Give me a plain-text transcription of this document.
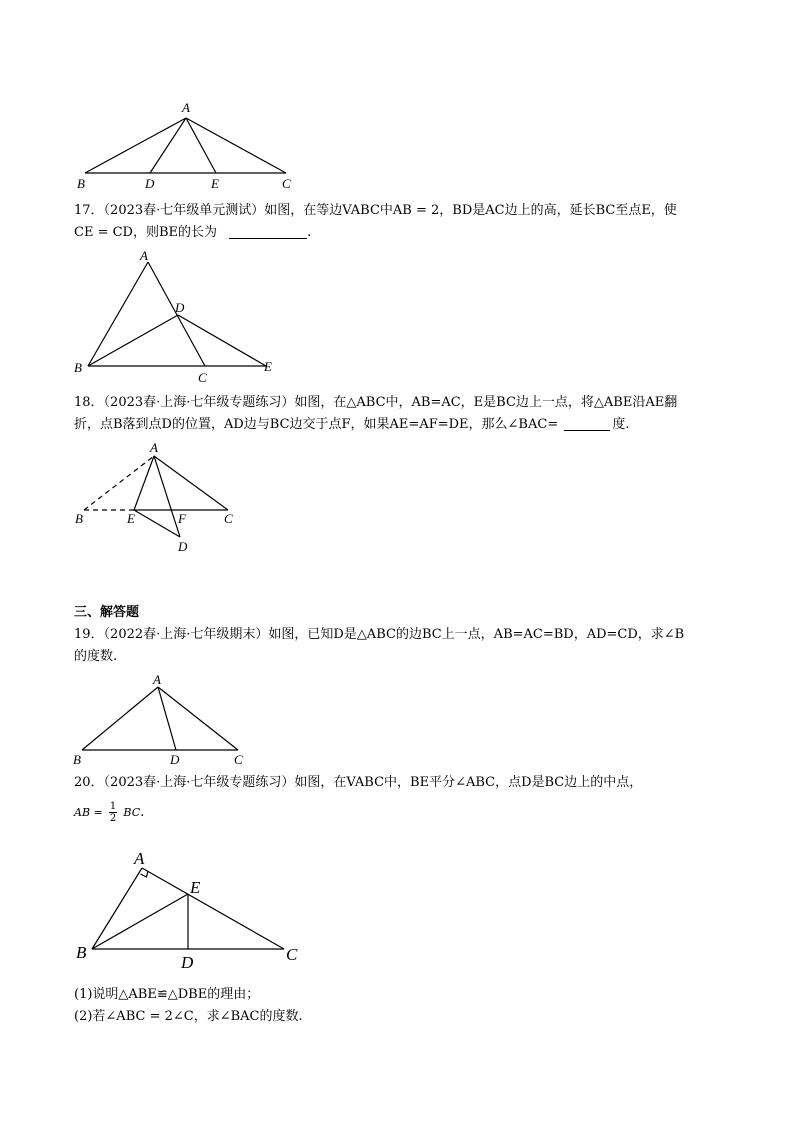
A
B	D	E	C
17．（2023春·七年级单元测试）如图，在等边VABC中AB = 2，BD是AC边上的高，延长BC至点E，使
CE = CD，则BE的长为	.
A
D
B
C
E
18．（2023春·上海·七年级专题练习）如图，在△ABC中，AB=AC，E是BC边上一点，将△ABE沿AE翻
折，点B落到点D的位置，AD边与BC边交于点F，如果AE=AF=DE，那么∠BAC=	度.
A
B	E	F	C
D
三、解答题
19．（2022春·上海·七年级期末）如图，已知D是△ABC的边BC上一点，AB=AC=BD，AD=CD，求∠B
的度数.
A
B	D	C
20．（2023春·上海·七年级专题练习）如图，在VABC中，BE平分∠ABC，点D是BC边上的中点，
AB = $\frac{1}{2}$ BC.
A
E
B
D	C
(1)说明△ABE≌△DBE的理由；
(2)若∠ABC = 2∠C，求∠BAC的度数.
